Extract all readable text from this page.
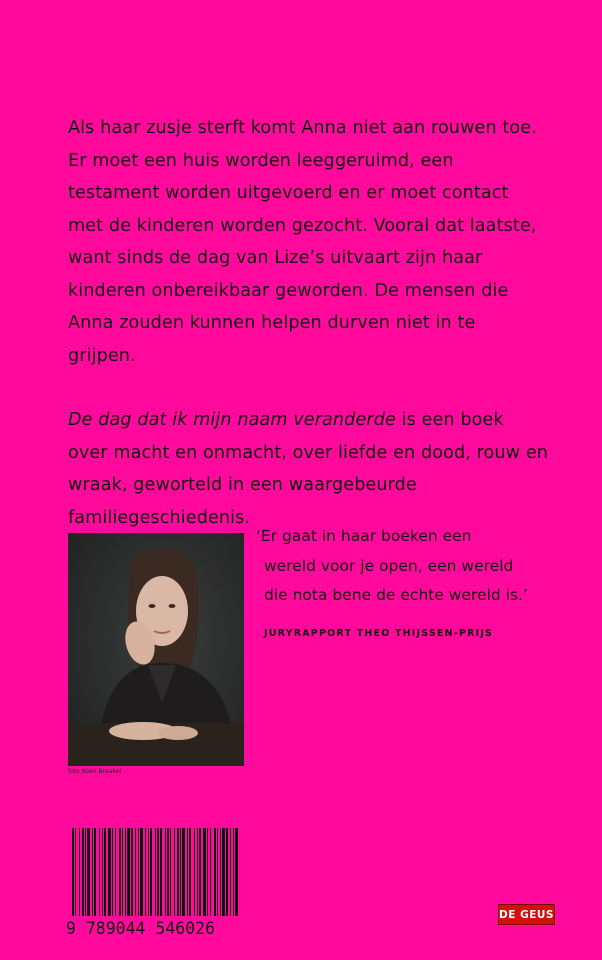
Als haar zusje sterft komt Anna niet aan rouwen toe. Er moet een huis worden leeggeruimd, een testament worden uitgevoerd en er moet contact met de kinderen worden gezocht. Vooral dat laatste, want sinds de dag van Lize’s uitvaart zijn haar kinderen onbereikbaar geworden. De mensen die Anna zouden kunnen helpen durven niet in te grijpen.

De dag dat ik mijn naam veranderde is een boek over macht en onmacht, over liefde en dood, rouw en wraak, geworteld in een waargebeurde familiegeschiedenis.

foto Koen Breukel

‘Er gaat in haar boeken een

wereld voor je open, een wereld

die nota bene de echte wereld is.’

JURYRAPPORT THEO THIJSSEN-PRIJS
9 789044 546026
DE GEUS
